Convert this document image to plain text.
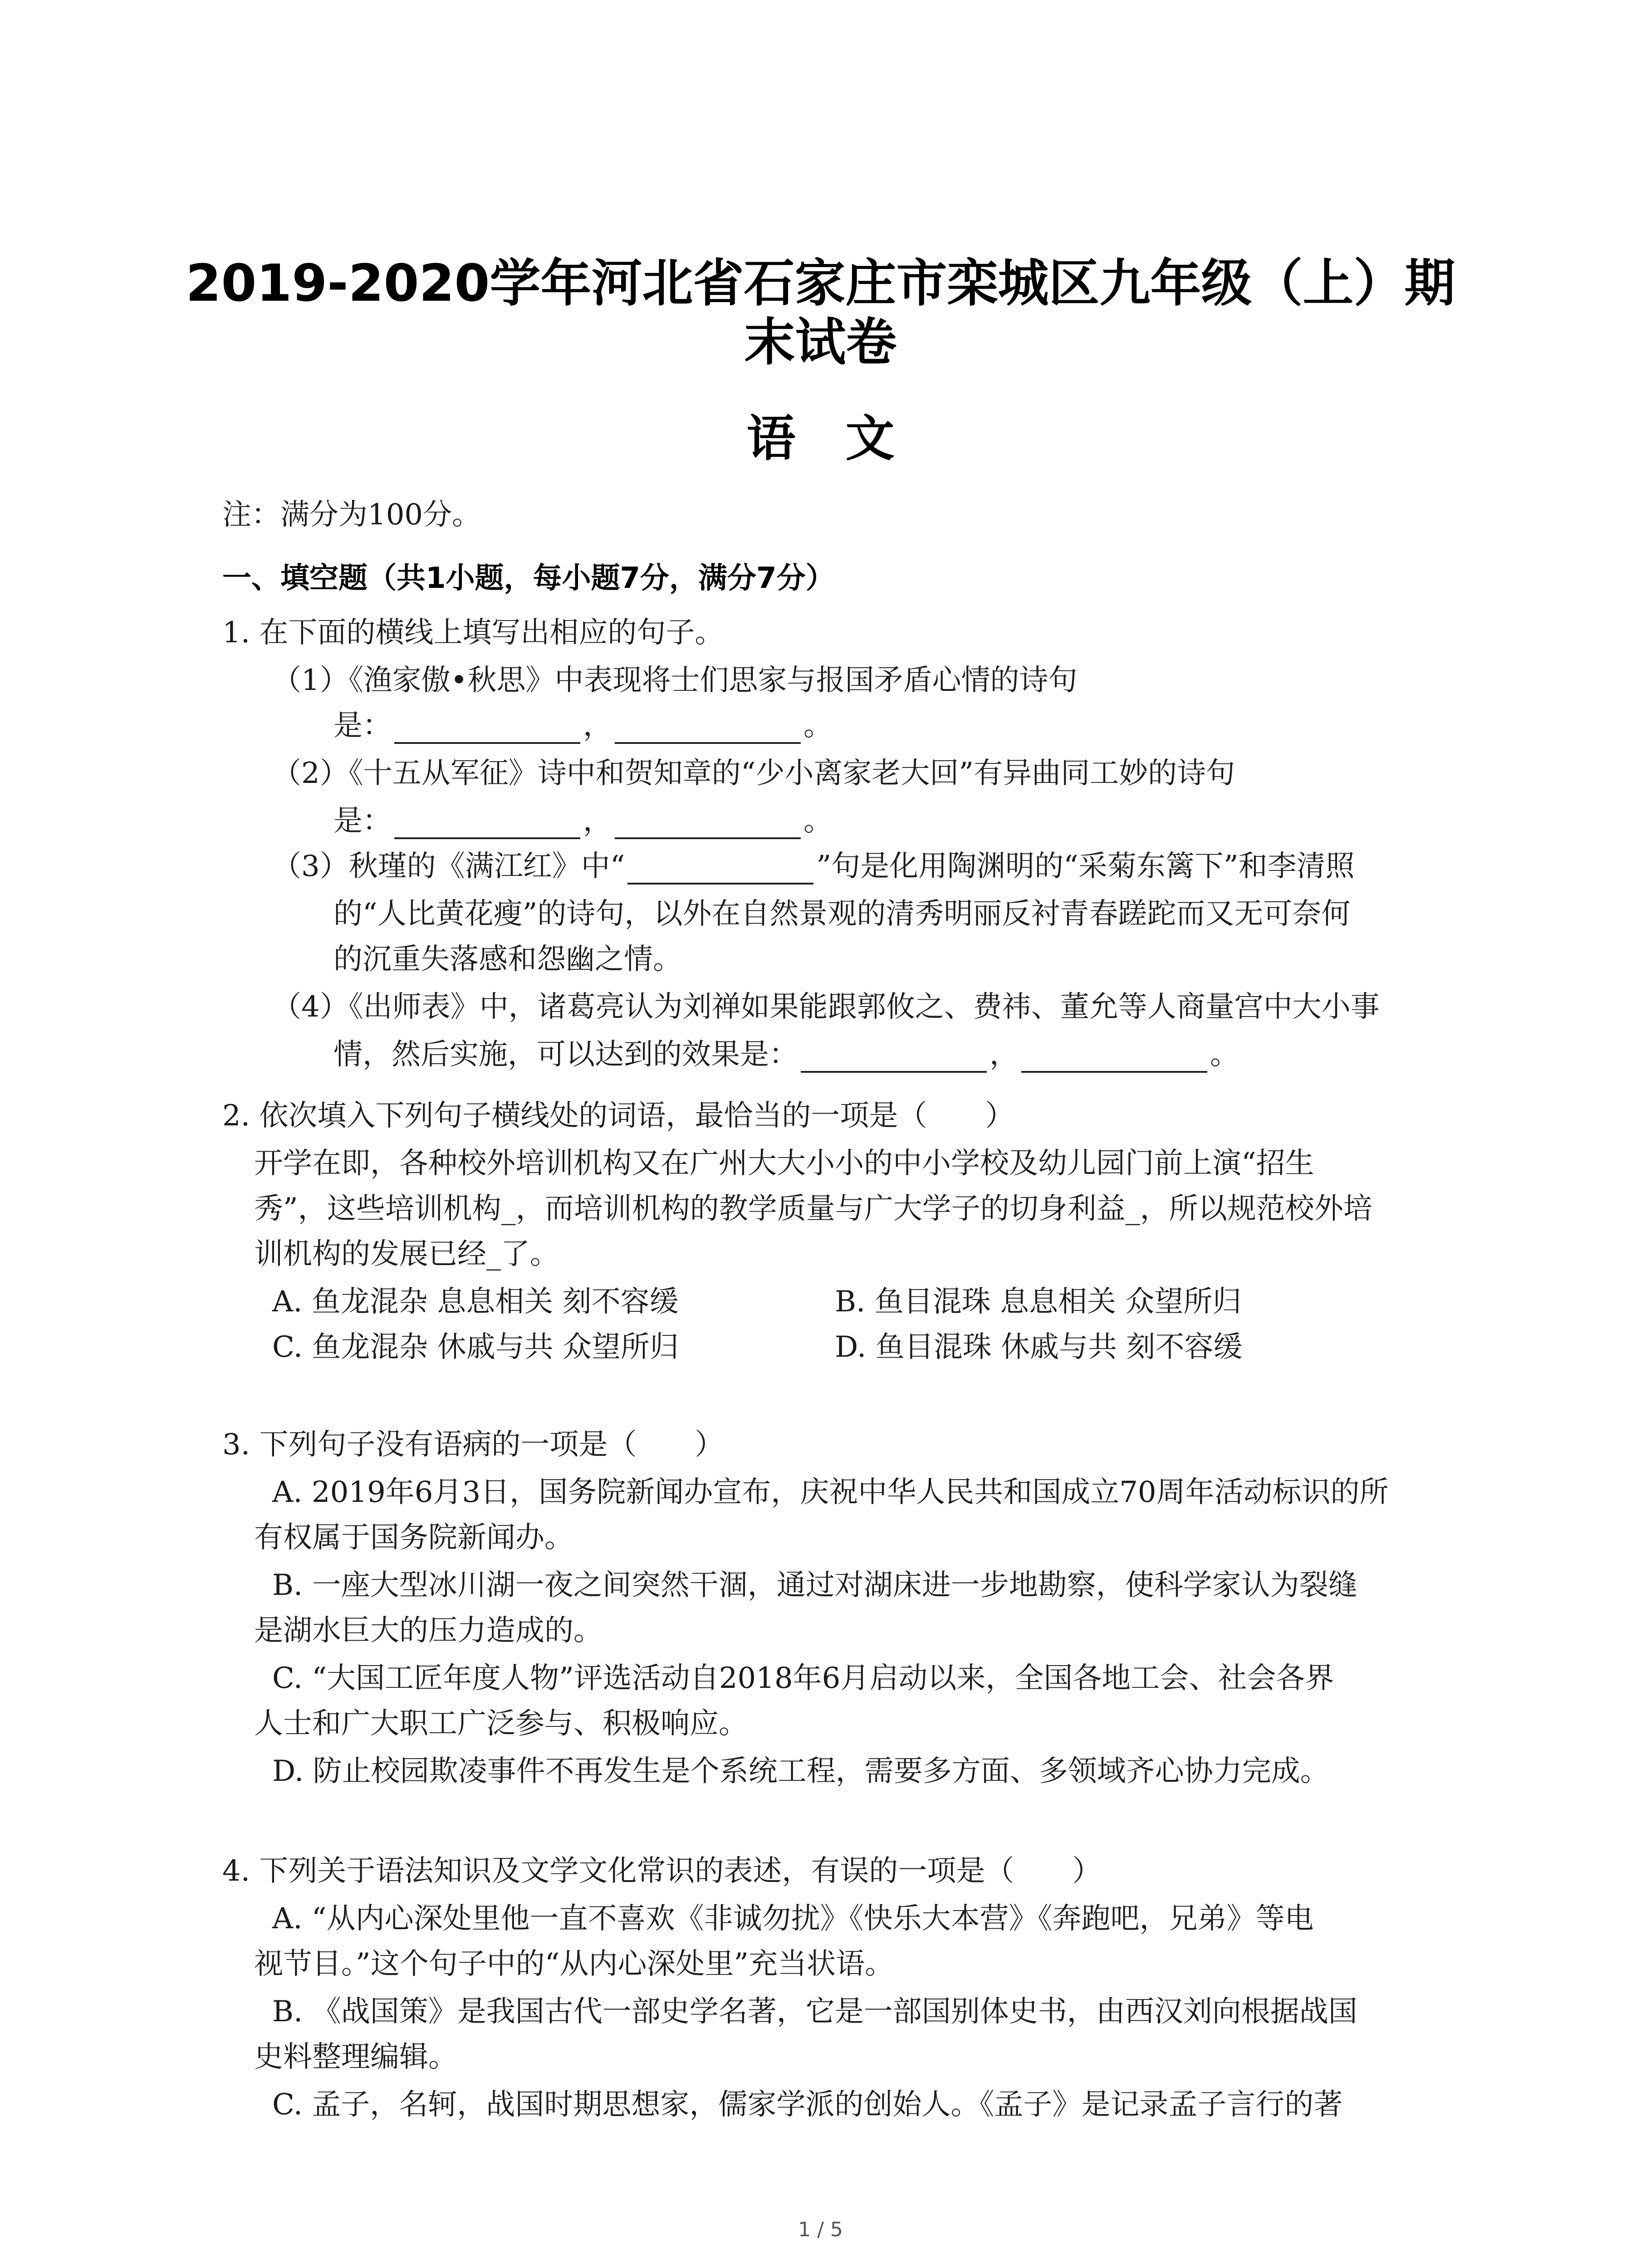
2019-2020学年河北省石家庄市栾城区九年级（上）期
末试卷
语文
注：满分为100分。
一、填空题（共1小题，每小题7分，满分7分）
1. 在下面的横线上填写出相应的句子。
（1）《渔家傲•秋思》中表现将士们思家与报国矛盾心情的诗句
是：	，	。
（2）《十五从军征》诗中和贺知章的“少小离家老大回”有异曲同工妙的诗句
是：	，	。
（3）秋瑾的《满江红》中“	”句是化用陶渊明的“采菊东篱下”和李清照
的“人比黄花瘦”的诗句，以外在自然景观的清秀明丽反衬青春蹉跎而又无可奈何
的沉重失落感和怨幽之情。
（4）《出师表》中，诸葛亮认为刘禅如果能跟郭攸之、费祎、董允等人商量宫中大小事
情，然后实施，可以达到的效果是：	，	。
2. 依次填入下列句子横线处的词语，最恰当的一项是（　　）
开学在即，各种校外培训机构又在广州大大小小的中小学校及幼儿园门前上演“招生
秀”，这些培训机构_，而培训机构的教学质量与广大学子的切身利益_，所以规范校外培
训机构的发展已经_了。
A. 鱼龙混杂 息息相关 刻不容缓	B. 鱼目混珠 息息相关 众望所归
C. 鱼龙混杂 休戚与共 众望所归	D. 鱼目混珠 休戚与共 刻不容缓
3. 下列句子没有语病的一项是（　　）
A. 2019年6月3日，国务院新闻办宣布，庆祝中华人民共和国成立70周年活动标识的所
有权属于国务院新闻办。
B. 一座大型冰川湖一夜之间突然干涸，通过对湖床进一步地勘察，使科学家认为裂缝
是湖水巨大的压力造成的。
C. “大国工匠年度人物”评选活动自2018年6月启动以来，全国各地工会、社会各界
人士和广大职工广泛参与、积极响应。
D. 防止校园欺凌事件不再发生是个系统工程，需要多方面、多领域齐心协力完成。
4. 下列关于语法知识及文学文化常识的表述，有误的一项是（　　）
A. “从内心深处里他一直不喜欢《非诚勿扰》《快乐大本营》《奔跑吧，兄弟》等电
视节目。”这个句子中的“从内心深处里”充当状语。
B. 《战国策》是我国古代一部史学名著，它是一部国别体史书，由西汉刘向根据战国
史料整理编辑。
C. 孟子，名轲，战国时期思想家，儒家学派的创始人。《孟子》是记录孟子言行的著
1 / 5
